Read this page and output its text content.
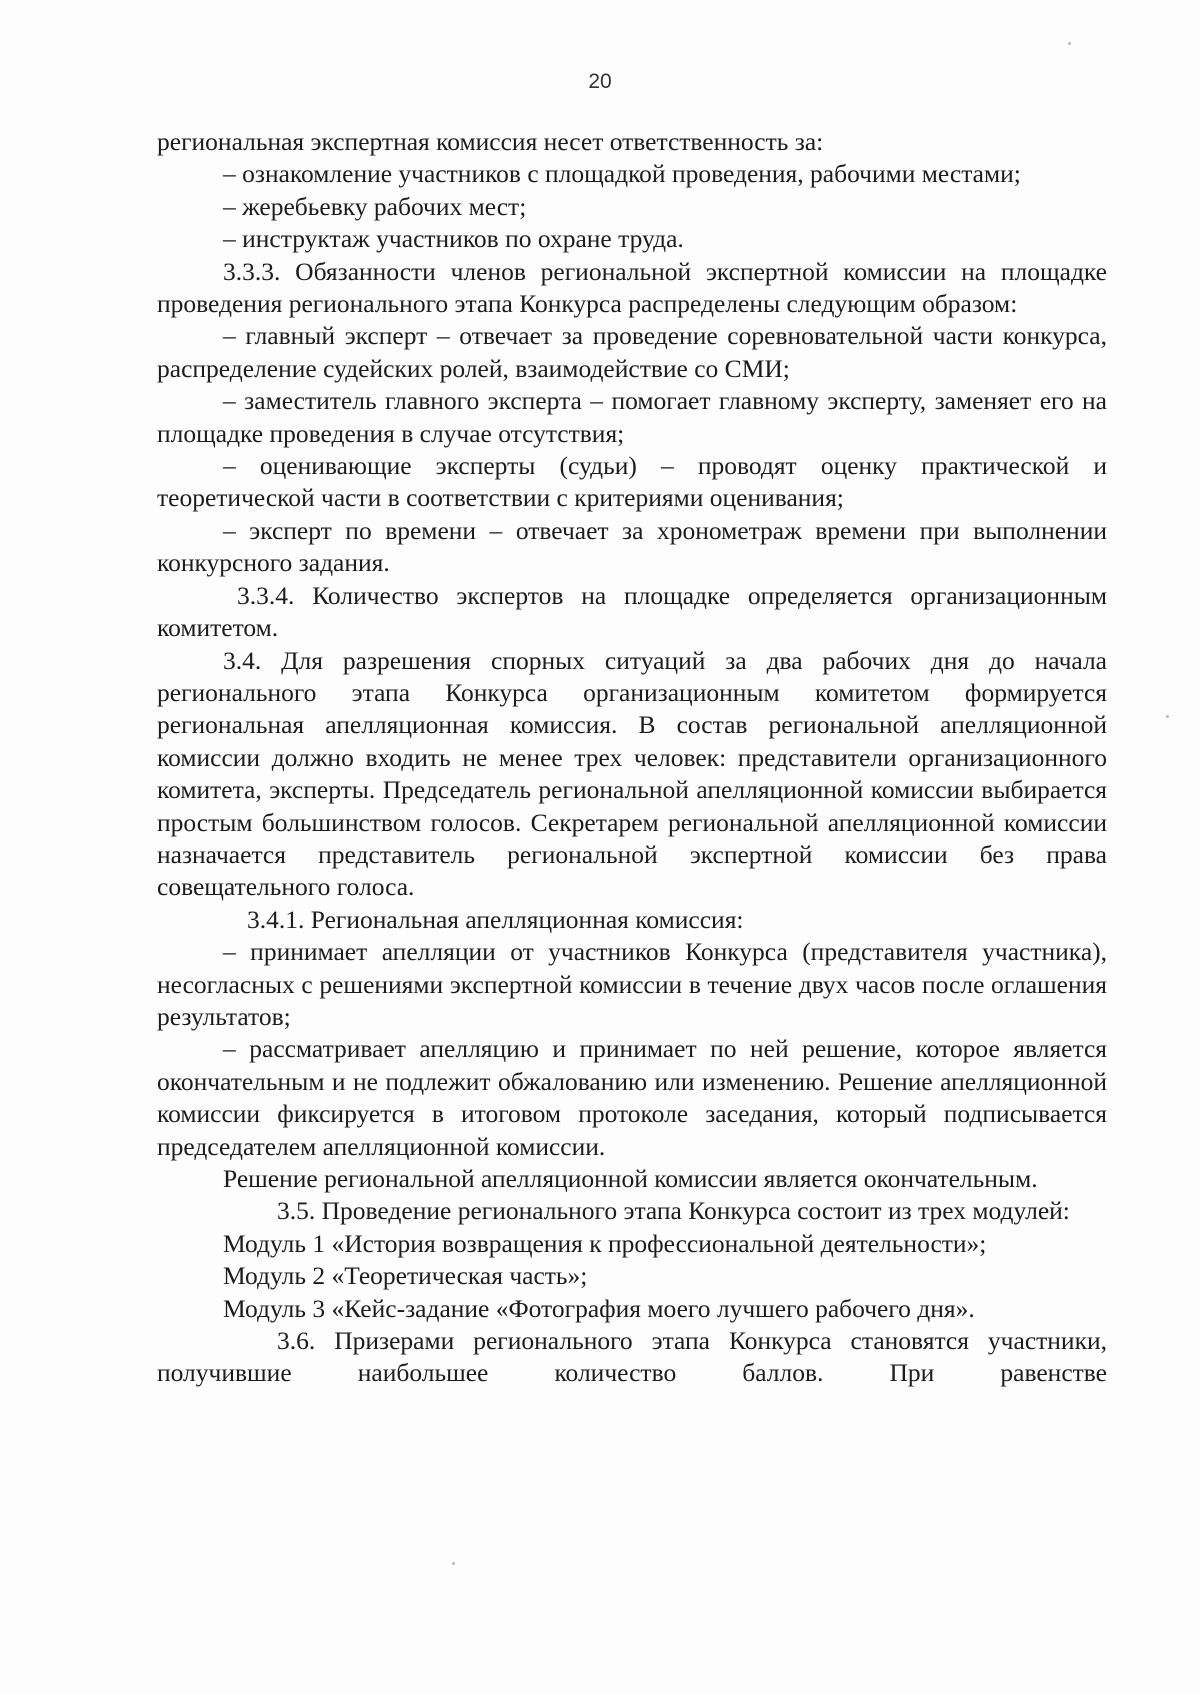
20

региональная экспертная комиссия несет ответственность за:

– ознакомление участников с площадкой проведения, рабочими местами;

– жеребьевку рабочих мест;

– инструктаж участников по охране труда.

3.3.3. Обязанности членов региональной экспертной комиссии на площадке проведения регионального этапа Конкурса распределены следующим образом:

– главный эксперт – отвечает за проведение соревновательной части конкурса, распределение судейских ролей, взаимодействие со СМИ;

– заместитель главного эксперта – помогает главному эксперту, заменяет его на площадке проведения в случае отсутствия;

– оценивающие эксперты (судьи) – проводят оценку практической и теоретической части в соответствии с критериями оценивания;

– эксперт по времени – отвечает за хронометраж времени при выполнении конкурсного задания.

3.3.4. Количество экспертов на площадке определяется организационным комитетом.

3.4. Для разрешения спорных ситуаций за два рабочих дня до начала регионального этапа Конкурса организационным комитетом формируется региональная апелляционная комиссия. В состав региональной апелляционной комиссии должно входить не менее трех человек: представители организационного комитета, эксперты. Председатель региональной апелляционной комиссии выбирается простым большинством голосов. Секретарем региональной апелляционной комиссии назначается представитель региональной экспертной комиссии без права совещательного голоса.

3.4.1. Региональная апелляционная комиссия:

– принимает апелляции от участников Конкурса (представителя участника), несогласных с решениями экспертной комиссии в течение двух часов после оглашения результатов;

– рассматривает апелляцию и принимает по ней решение, которое является окончательным и не подлежит обжалованию или изменению. Решение апелляционной комиссии фиксируется в итоговом протоколе заседания, который подписывается председателем апелляционной комиссии.

Решение региональной апелляционной комиссии является окончательным.

3.5. Проведение регионального этапа Конкурса состоит из трех модулей:

Модуль 1 «История возвращения к профессиональной деятельности»;

Модуль 2 «Теоретическая часть»;

Модуль 3 «Кейс-задание «Фотография моего лучшего рабочего дня».

3.6. Призерами регионального этапа Конкурса становятся участники, получившие наибольшее количество баллов. При равенстве
